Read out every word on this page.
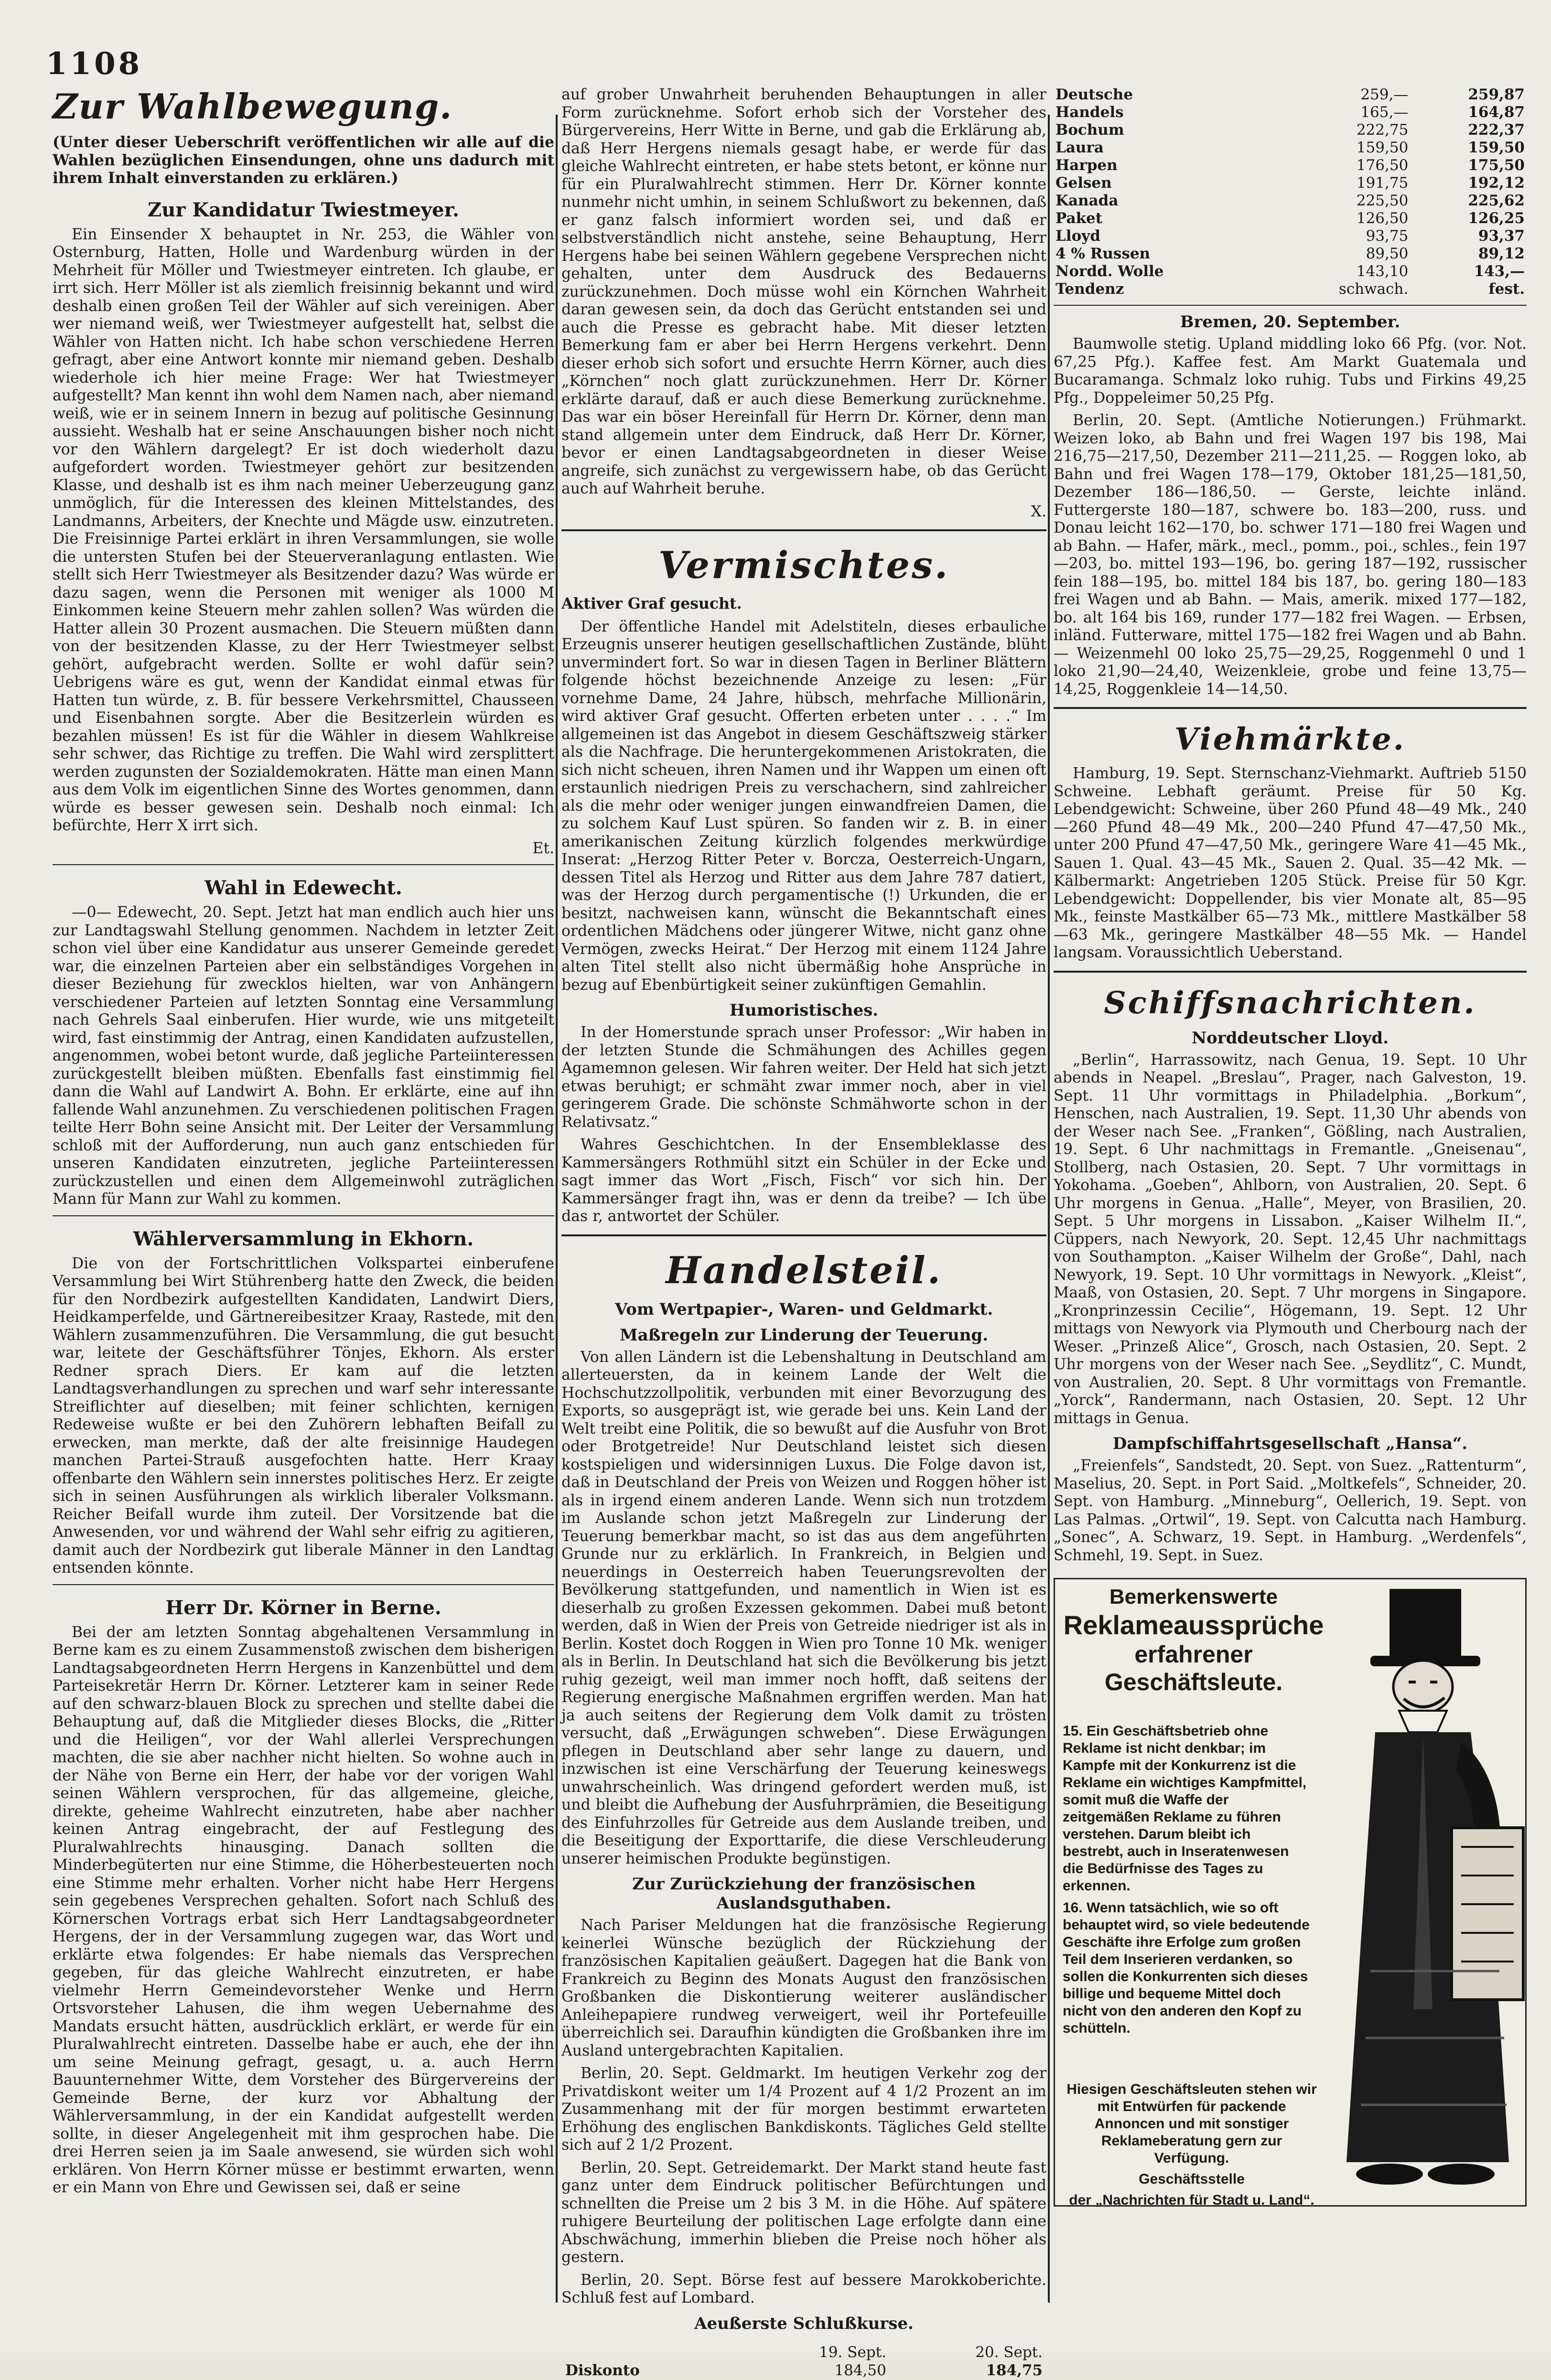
1108
Zur Wahlbewegung.

(Unter dieser Ueberschrift veröffentlichen wir alle auf die Wahlen bezüglichen Einsendungen, ohne uns dadurch mit ihrem Inhalt einverstanden zu erklären.)

Zur Kandidatur Twiestmeyer.

Ein Einsender X behauptet in Nr. 253, die Wähler von Osternburg, Hatten, Holle und Wardenburg würden in der Mehrheit für Möller und Twiestmeyer eintreten. Ich glaube, er irrt sich. Herr Möller ist als ziemlich freisinnig bekannt und wird deshalb einen großen Teil der Wähler auf sich vereinigen. Aber wer niemand weiß, wer Twiestmeyer aufgestellt hat, selbst die Wähler von Hatten nicht. Ich habe schon verschiedene Herren gefragt, aber eine Antwort konnte mir niemand geben. Deshalb wiederhole ich hier meine Frage: Wer hat Twiestmeyer aufgestellt? Man kennt ihn wohl dem Namen nach, aber niemand weiß, wie er in seinem Innern in bezug auf politische Gesinnung aussieht. Weshalb hat er seine Anschauungen bisher noch nicht vor den Wählern dargelegt? Er ist doch wiederholt dazu aufgefordert worden. Twiestmeyer gehört zur besitzenden Klasse, und deshalb ist es ihm nach meiner Ueberzeugung ganz unmöglich, für die Interessen des kleinen Mittelstandes, des Landmanns, Arbeiters, der Knechte und Mägde usw. einzutreten. Die Freisinnige Partei erklärt in ihren Versammlungen, sie wolle die untersten Stufen bei der Steuerveranlagung entlasten. Wie stellt sich Herr Twiestmeyer als Besitzender dazu? Was würde er dazu sagen, wenn die Personen mit weniger als 1000 M Einkommen keine Steuern mehr zahlen sollen? Was würden die Hatter allein 30 Prozent ausmachen. Die Steuern müßten dann von der besitzenden Klasse, zu der Herr Twiestmeyer selbst gehört, aufgebracht werden. Sollte er wohl dafür sein? Uebrigens wäre es gut, wenn der Kandidat einmal etwas für Hatten tun würde, z. B. für bessere Verkehrsmittel, Chausseen und Eisenbahnen sorgte. Aber die Besitzerlein würden es bezahlen müssen! Es ist für die Wähler in diesem Wahlkreise sehr schwer, das Richtige zu treffen. Die Wahl wird zersplittert werden zugunsten der Sozialdemokraten. Hätte man einen Mann aus dem Volk im eigentlichen Sinne des Wortes genommen, dann würde es besser gewesen sein. Deshalb noch einmal: Ich befürchte, Herr X irrt sich.

Et.

Wahl in Edewecht.

—0— Edewecht, 20. Sept. Jetzt hat man endlich auch hier uns zur Landtagswahl Stellung genommen. Nachdem in letzter Zeit schon viel über eine Kandidatur aus unserer Gemeinde geredet war, die einzelnen Parteien aber ein selbständiges Vorgehen in dieser Beziehung für zwecklos hielten, war von Anhängern verschiedener Parteien auf letzten Sonntag eine Versammlung nach Gehrels Saal einberufen. Hier wurde, wie uns mitgeteilt wird, fast einstimmig der Antrag, einen Kandidaten aufzustellen, angenommen, wobei betont wurde, daß jegliche Parteiinteressen zurückgestellt bleiben müßten. Ebenfalls fast einstimmig fiel dann die Wahl auf Landwirt A. Bohn. Er erklärte, eine auf ihn fallende Wahl anzunehmen. Zu verschiedenen politischen Fragen teilte Herr Bohn seine Ansicht mit. Der Leiter der Versammlung schloß mit der Aufforderung, nun auch ganz entschieden für unseren Kandidaten einzutreten, jegliche Parteiinteressen zurückzustellen und einen dem Allgemeinwohl zuträglichen Mann für Mann zur Wahl zu kommen.

Wählerversammlung in Ekhorn.

Die von der Fortschrittlichen Volkspartei einberufene Versammlung bei Wirt Stührenberg hatte den Zweck, die beiden für den Nordbezirk aufgestellten Kandidaten, Landwirt Diers, Heidkamperfelde, und Gärtnereibesitzer Kraay, Rastede, mit den Wählern zusammenzuführen. Die Versammlung, die gut besucht war, leitete der Geschäftsführer Tönjes, Ekhorn. Als erster Redner sprach Diers. Er kam auf die letzten Landtagsverhandlungen zu sprechen und warf sehr interessante Streiflichter auf dieselben; mit feiner schlichten, kernigen Redeweise wußte er bei den Zuhörern lebhaften Beifall zu erwecken, man merkte, daß der alte freisinnige Haudegen manchen Partei-Strauß ausgefochten hatte. Herr Kraay offenbarte den Wählern sein innerstes politisches Herz. Er zeigte sich in seinen Ausführungen als wirklich liberaler Volksmann. Reicher Beifall wurde ihm zuteil. Der Vorsitzende bat die Anwesenden, vor und während der Wahl sehr eifrig zu agitieren, damit auch der Nordbezirk gut liberale Männer in den Landtag entsenden könnte.

Herr Dr. Körner in Berne.

Bei der am letzten Sonntag abgehaltenen Versammlung in Berne kam es zu einem Zusammenstoß zwischen dem bisherigen Landtagsabgeordneten Herrn Hergens in Kanzenbüttel und dem Parteisekretär Herrn Dr. Körner. Letzterer kam in seiner Rede auf den schwarz-blauen Block zu sprechen und stellte dabei die Behauptung auf, daß die Mitglieder dieses Blocks, die „Ritter und die Heiligen“, vor der Wahl allerlei Versprechungen machten, die sie aber nachher nicht hielten. So wohne auch in der Nähe von Berne ein Herr, der habe vor der vorigen Wahl seinen Wählern versprochen, für das allgemeine, gleiche, direkte, geheime Wahlrecht einzutreten, habe aber nachher keinen Antrag eingebracht, der auf Festlegung des Pluralwahlrechts hinausging. Danach sollten die Minderbegüterten nur eine Stimme, die Höherbesteuerten noch eine Stimme mehr erhalten. Vorher nicht habe Herr Hergens sein gegebenes Versprechen gehalten. Sofort nach Schluß des Körnerschen Vortrags erbat sich Herr Landtagsabgeordneter Hergens, der in der Versammlung zugegen war, das Wort und erklärte etwa folgendes: Er habe niemals das Versprechen gegeben, für das gleiche Wahlrecht einzutreten, er habe vielmehr Herrn Gemeindevorsteher Wenke und Herrn Ortsvorsteher Lahusen, die ihm wegen Uebernahme des Mandats ersucht hätten, ausdrücklich erklärt, er werde für ein Pluralwahlrecht eintreten. Dasselbe habe er auch, ehe der ihn um seine Meinung gefragt, gesagt, u. a. auch Herrn Bauunternehmer Witte, dem Vorsteher des Bürgervereins der Gemeinde Berne, der kurz vor Abhaltung der Wählerversammlung, in der ein Kandidat aufgestellt werden sollte, in dieser Angelegenheit mit ihm gesprochen habe. Die drei Herren seien ja im Saale anwesend, sie würden sich wohl erklären. Von Herrn Körner müsse er bestimmt erwarten, wenn er ein Mann von Ehre und Gewissen sei, daß er seine

auf grober Unwahrheit beruhenden Behauptungen in aller Form zurücknehme. Sofort erhob sich der Vorsteher des Bürgervereins, Herr Witte in Berne, und gab die Erklärung ab, daß Herr Hergens niemals gesagt habe, er werde für das gleiche Wahlrecht eintreten, er habe stets betont, er könne nur für ein Pluralwahlrecht stimmen. Herr Dr. Körner konnte nunmehr nicht umhin, in seinem Schlußwort zu bekennen, daß er ganz falsch informiert worden sei, und daß er selbstverständlich nicht anstehe, seine Behauptung, Herr Hergens habe bei seinen Wählern gegebene Versprechen nicht gehalten, unter dem Ausdruck des Bedauerns zurückzunehmen. Doch müsse wohl ein Körnchen Wahrheit daran gewesen sein, da doch das Gerücht entstanden sei und auch die Presse es gebracht habe. Mit dieser letzten Bemerkung fam er aber bei Herrn Hergens verkehrt. Denn dieser erhob sich sofort und ersuchte Herrn Körner, auch dies „Körnchen“ noch glatt zurückzunehmen. Herr Dr. Körner erklärte darauf, daß er auch diese Bemerkung zurücknehme. Das war ein böser Hereinfall für Herrn Dr. Körner, denn man stand allgemein unter dem Eindruck, daß Herr Dr. Körner, bevor er einen Landtagsabgeordneten in dieser Weise angreife, sich zunächst zu vergewissern habe, ob das Gerücht auch auf Wahrheit beruhe.

X.

Vermischtes.

Aktiver Graf gesucht.

Der öffentliche Handel mit Adelstiteln, dieses erbauliche Erzeugnis unserer heutigen gesellschaftlichen Zustände, blüht unvermindert fort. So war in diesen Tagen in Berliner Blättern folgende höchst bezeichnende Anzeige zu lesen: „Für vornehme Dame, 24 Jahre, hübsch, mehrfache Millionärin, wird aktiver Graf gesucht. Offerten erbeten unter . . . .“ Im allgemeinen ist das Angebot in diesem Geschäftszweig stärker als die Nachfrage. Die heruntergekommenen Aristokraten, die sich nicht scheuen, ihren Namen und ihr Wappen um einen oft erstaunlich niedrigen Preis zu verschachern, sind zahlreicher als die mehr oder weniger jungen einwandfreien Damen, die zu solchem Kauf Lust spüren. So fanden wir z. B. in einer amerikanischen Zeitung kürzlich folgendes merkwürdige Inserat: „Herzog Ritter Peter v. Borcza, Oesterreich-Ungarn, dessen Titel als Herzog und Ritter aus dem Jahre 787 datiert, was der Herzog durch pergamentische (!) Urkunden, die er besitzt, nachweisen kann, wünscht die Bekanntschaft eines ordentlichen Mädchens oder jüngerer Witwe, nicht ganz ohne Vermögen, zwecks Heirat.“ Der Herzog mit einem 1124 Jahre alten Titel stellt also nicht übermäßig hohe Ansprüche in bezug auf Ebenbürtigkeit seiner zukünftigen Gemahlin.

Humoristisches.

In der Homerstunde sprach unser Professor: „Wir haben in der letzten Stunde die Schmähungen des Achilles gegen Agamemnon gelesen. Wir fahren weiter. Der Held hat sich jetzt etwas beruhigt; er schmäht zwar immer noch, aber in viel geringerem Grade. Die schönste Schmähworte schon in der Relativsatz.“

Wahres Geschichtchen. In der Ensembleklasse des Kammersängers Rothmühl sitzt ein Schüler in der Ecke und sagt immer das Wort „Fisch, Fisch“ vor sich hin. Der Kammersänger fragt ihn, was er denn da treibe? — Ich übe das r, antwortet der Schüler.

Handelsteil.
Vom Wertpapier-, Waren- und Geldmarkt.
Maßregeln zur Linderung der Teuerung.

Von allen Ländern ist die Lebenshaltung in Deutschland am allerteuersten, da in keinem Lande der Welt die Hochschutzzollpolitik, verbunden mit einer Bevorzugung des Exports, so ausgeprägt ist, wie gerade bei uns. Kein Land der Welt treibt eine Politik, die so bewußt auf die Ausfuhr von Brot oder Brotgetreide! Nur Deutschland leistet sich diesen kostspieligen und widersinnigen Luxus. Die Folge davon ist, daß in Deutschland der Preis von Weizen und Roggen höher ist als in irgend einem anderen Lande. Wenn sich nun trotzdem im Auslande schon jetzt Maßregeln zur Linderung der Teuerung bemerkbar macht, so ist das aus dem angeführten Grunde nur zu erklärlich. In Frankreich, in Belgien und neuerdings in Oesterreich haben Teuerungsrevolten der Bevölkerung stattgefunden, und namentlich in Wien ist es dieserhalb zu großen Exzessen gekommen. Dabei muß betont werden, daß in Wien der Preis von Getreide niedriger ist als in Berlin. Kostet doch Roggen in Wien pro Tonne 10 Mk. weniger als in Berlin. In Deutschland hat sich die Bevölkerung bis jetzt ruhig gezeigt, weil man immer noch hofft, daß seitens der Regierung energische Maßnahmen ergriffen werden. Man hat ja auch seitens der Regierung dem Volk damit zu trösten versucht, daß „Erwägungen schweben“. Diese Erwägungen pflegen in Deutschland aber sehr lange zu dauern, und inzwischen ist eine Verschärfung der Teuerung keineswegs unwahrscheinlich. Was dringend gefordert werden muß, ist und bleibt die Aufhebung der Ausfuhrprämien, die Beseitigung des Einfuhrzolles für Getreide aus dem Auslande treiben, und die Beseitigung der Exporttarife, die diese Verschleuderung unserer heimischen Produkte begünstigen.

Zur Zurückziehung der französischen Auslandsguthaben.

Nach Pariser Meldungen hat die französische Regierung keinerlei Wünsche bezüglich der Rückziehung der französischen Kapitalien geäußert. Dagegen hat die Bank von Frankreich zu Beginn des Monats August den französischen Großbanken die Diskontierung weiterer ausländischer Anleihepapiere rundweg verweigert, weil ihr Portefeuille überreichlich sei. Daraufhin kündigten die Großbanken ihre im Ausland untergebrachten Kapitalien.

Berlin, 20. Sept. Geldmarkt. Im heutigen Verkehr zog der Privatdiskont weiter um 1/4 Prozent auf 4 1/2 Prozent an im Zusammenhang mit der für morgen bestimmt erwarteten Erhöhung des englischen Bankdiskonts. Tägliches Geld stellte sich auf 2 1/2 Prozent.

Berlin, 20. Sept. Getreidemarkt. Der Markt stand heute fast ganz unter dem Eindruck politischer Befürchtungen und schnellten die Preise um 2 bis 3 M. in die Höhe. Auf spätere ruhigere Beurteilung der politischen Lage erfolgte dann eine Abschwächung, immerhin blieben die Preise noch höher als gestern.

Berlin, 20. Sept. Börse fest auf bessere Marokkoberichte. Schluß fest auf Lombard.

Aeußerste Schlußkurse.
	19. Sept.	20. Sept.
Diskonto	184,50	184,75
Deutsche	259,—	259,87
Handels	165,—	164,87
Bochum	222,75	222,37
Laura	159,50	159,50
Harpen	176,50	175,50
Gelsen	191,75	192,12
Kanada	225,50	225,62
Paket	126,50	126,25
Lloyd	93,75	93,37
4 % Russen	89,50	89,12
Nordd. Wolle	143,10	143,—
Tendenz	schwach.	fest.
Bremen, 20. September.

Baumwolle stetig. Upland middling loko 66 Pfg. (vor. Not. 67,25 Pfg.). Kaffee fest. Am Markt Guatemala und Bucaramanga. Schmalz loko ruhig. Tubs und Firkins 49,25 Pfg., Doppeleimer 50,25 Pfg.

Berlin, 20. Sept. (Amtliche Notierungen.) Frühmarkt. Weizen loko, ab Bahn und frei Wagen 197 bis 198, Mai 216,75—217,50, Dezember 211—211,25. — Roggen loko, ab Bahn und frei Wagen 178—179, Oktober 181,25—181,50, Dezember 186—186,50. — Gerste, leichte inländ. Futtergerste 180—187, schwere bo. 183—200, russ. und Donau leicht 162—170, bo. schwer 171—180 frei Wagen und ab Bahn. — Hafer, märk., mecl., pomm., poi., schles., fein 197—203, bo. mittel 193—196, bo. gering 187—192, russischer fein 188—195, bo. mittel 184 bis 187, bo. gering 180—183 frei Wagen und ab Bahn. — Mais, amerik. mixed 177—182, bo. alt 164 bis 169, runder 177—182 frei Wagen. — Erbsen, inländ. Futterware, mittel 175—182 frei Wagen und ab Bahn. — Weizenmehl 00 loko 25,75—29,25, Roggenmehl 0 und 1 loko 21,90—24,40, Weizenkleie, grobe und feine 13,75—14,25, Roggenkleie 14—14,50.

Viehmärkte.

Hamburg, 19. Sept. Sternschanz-Viehmarkt. Auftrieb 5150 Schweine. Lebhaft geräumt. Preise für 50 Kg. Lebendgewicht: Schweine, über 260 Pfund 48—49 Mk., 240—260 Pfund 48—49 Mk., 200—240 Pfund 47—47,50 Mk., unter 200 Pfund 47—47,50 Mk., geringere Ware 41—45 Mk., Sauen 1. Qual. 43—45 Mk., Sauen 2. Qual. 35—42 Mk. — Kälbermarkt: Angetrieben 1205 Stück. Preise für 50 Kgr. Lebendgewicht: Doppellender, bis vier Monate alt, 85—95 Mk., feinste Mastkälber 65—73 Mk., mittlere Mastkälber 58—63 Mk., geringere Mastkälber 48—55 Mk. — Handel langsam. Voraussichtlich Ueberstand.

Schiffsnachrichten.
Norddeutscher Lloyd.

„Berlin“, Harrassowitz, nach Genua, 19. Sept. 10 Uhr abends in Neapel. „Breslau“, Prager, nach Galveston, 19. Sept. 11 Uhr vormittags in Philadelphia. „Borkum“, Henschen, nach Australien, 19. Sept. 11,30 Uhr abends von der Weser nach See. „Franken“, Gößling, nach Australien, 19. Sept. 6 Uhr nachmittags in Fremantle. „Gneisenau“, Stollberg, nach Ostasien, 20. Sept. 7 Uhr vormittags in Yokohama. „Goeben“, Ahlborn, von Australien, 20. Sept. 6 Uhr morgens in Genua. „Halle“, Meyer, von Brasilien, 20. Sept. 5 Uhr morgens in Lissabon. „Kaiser Wilhelm II.“, Cüppers, nach Newyork, 20. Sept. 12,45 Uhr nachmittags von Southampton. „Kaiser Wilhelm der Große“, Dahl, nach Newyork, 19. Sept. 10 Uhr vormittags in Newyork. „Kleist“, Maaß, von Ostasien, 20. Sept. 7 Uhr morgens in Singapore. „Kronprinzessin Cecilie“, Högemann, 19. Sept. 12 Uhr mittags von Newyork via Plymouth und Cherbourg nach der Weser. „Prinzeß Alice“, Grosch, nach Ostasien, 20. Sept. 2 Uhr morgens von der Weser nach See. „Seydlitz“, C. Mundt, von Australien, 20. Sept. 8 Uhr vormittags von Fremantle. „Yorck“, Randermann, nach Ostasien, 20. Sept. 12 Uhr mittags in Genua.

Dampfschiffahrtsgesellschaft „Hansa“.

„Freienfels“, Sandstedt, 20. Sept. von Suez. „Rattenturm“, Maselius, 20. Sept. in Port Said. „Moltkefels“, Schneider, 20. Sept. von Hamburg. „Minneburg“, Oellerich, 19. Sept. von Las Palmas. „Ortwil“, 19. Sept. von Calcutta nach Hamburg. „Sonec“, A. Schwarz, 19. Sept. in Hamburg. „Werdenfels“, Schmehl, 19. Sept. in Suez.

Bemerkenswerte
Reklameaussprüche
erfahrener
Geschäftsleute.

15. Ein Geschäftsbetrieb ohne Reklame ist nicht denkbar; im Kampfe mit der Konkurrenz ist die Reklame ein wichtiges Kampfmittel, somit muß die Waffe der zeitgemäßen Reklame zu führen verstehen. Darum bleibt ich bestrebt, auch in Inseratenwesen die Bedürfnisse des Tages zu erkennen.

16. Wenn tatsächlich, wie so oft behauptet wird, so viele bedeutende Geschäfte ihre Erfolge zum großen Teil dem Inserieren verdanken, so sollen die Konkurrenten sich dieses billige und bequeme Mittel doch nicht von den anderen den Kopf zu schütteln.

Hiesigen Geschäftsleuten stehen wir mit Entwürfen für packende Annoncen und mit sonstiger Reklameberatung gern zur Verfügung.

Geschäftsstelle

der „Nachrichten für Stadt u. Land“.
